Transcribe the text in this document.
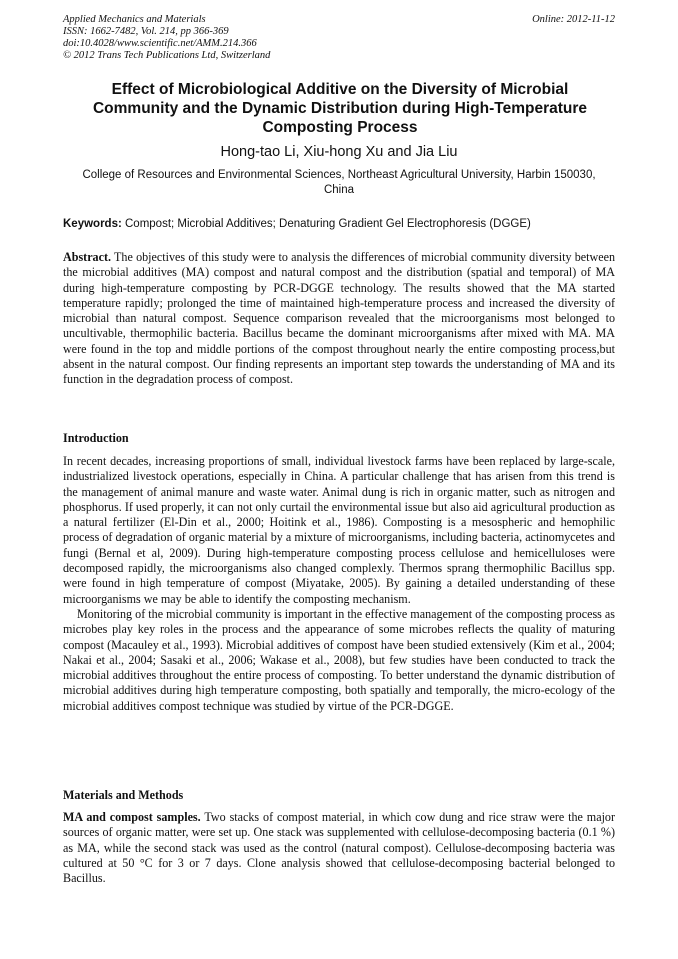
Applied Mechanics and Materials
ISSN: 1662-7482, Vol. 214, pp 366-369
doi:10.4028/www.scientific.net/AMM.214.366
© 2012 Trans Tech Publications Ltd, Switzerland
Online: 2012-11-12
Effect of Microbiological Additive on the Diversity of Microbial Community and the Dynamic Distribution during High-Temperature Composting Process
Hong-tao Li, Xiu-hong Xu and Jia Liu
College of Resources and Environmental Sciences, Northeast Agricultural University, Harbin 150030, China
Keywords: Compost; Microbial Additives; Denaturing Gradient Gel Electrophoresis (DGGE)

Abstract. The objectives of this study were to analysis the differences of microbial community diversity between the microbial additives (MA) compost and natural compost and the distribution (spatial and temporal) of MA during high-temperature composting by PCR-DGGE technology. The results showed that the MA started temperature rapidly; prolonged the time of maintained high-temperature process and increased the diversity of microbial than natural compost. Sequence comparison revealed that the microorganisms most belonged to uncultivable, thermophilic bacteria. Bacillus became the dominant microorganisms after mixed with MA. MA were found in the top and middle portions of the compost throughout nearly the entire composting process,but absent in the natural compost. Our finding represents an important step towards the understanding of MA and its function in the degradation process of compost.

Introduction

In recent decades, increasing proportions of small, individual livestock farms have been replaced by large-scale, industrialized livestock operations, especially in China. A particular challenge that has arisen from this trend is the management of animal manure and waste water. Animal dung is rich in organic matter, such as nitrogen and phosphorus. If used properly, it can not only curtail the environmental issue but also aid agricultural production as a natural fertilizer (El-Din et al., 2000; Hoitink et al., 1986). Composting is a mesospheric and hemophilic process of degradation of organic material by a mixture of microorganisms, including bacteria, actinomycetes and fungi (Bernal et al, 2009). During high-temperature composting process cellulose and hemicelluloses were decomposed rapidly, the microorganisms also changed complexly. Thermos sprang thermophilic Bacillus spp. were found in high temperature of compost (Miyatake, 2005). By gaining a detailed understanding of these microorganisms we may be able to identify the composting mechanism.

Monitoring of the microbial community is important in the effective management of the composting process as microbes play key roles in the process and the appearance of some microbes reflects the quality of maturing compost (Macauley et al., 1993). Microbial additives of compost have been studied extensively (Kim et al., 2004; Nakai et al., 2004; Sasaki et al., 2006; Wakase et al., 2008), but few studies have been conducted to track the microbial additives throughout the entire process of composting. To better understand the dynamic distribution of microbial additives during high temperature composting, both spatially and temporally, the micro-ecology of the microbial additives compost technique was studied by virtue of the PCR-DGGE.

Materials and Methods

MA and compost samples. Two stacks of compost material, in which cow dung and rice straw were the major sources of organic matter, were set up. One stack was supplemented with cellulose-decomposing bacteria (0.1 %) as MA, while the second stack was used as the control (natural compost). Cellulose-decomposing bacteria was cultured at 50 °C for 3 or 7 days. Clone analysis showed that cellulose-decomposing bacterial belonged to Bacillus.
